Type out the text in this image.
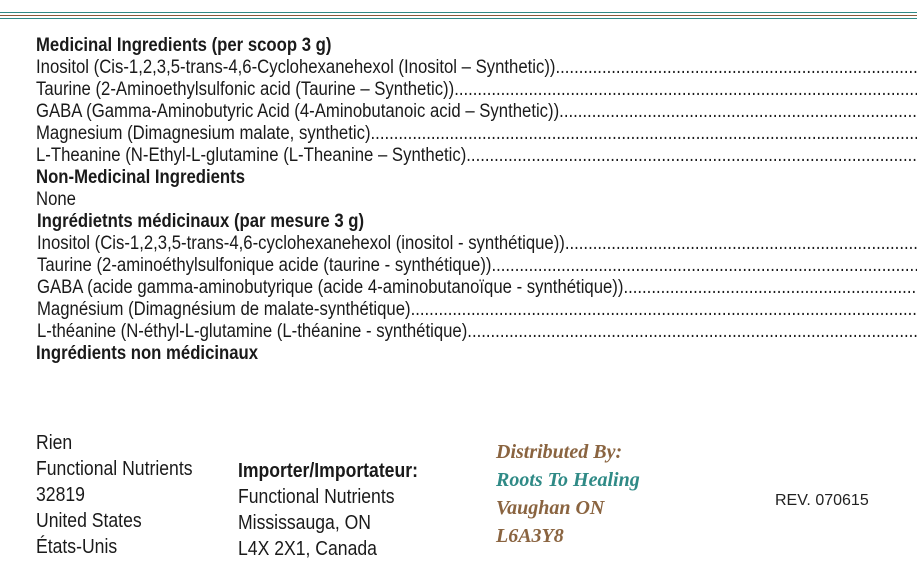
Medicinal Ingredients (per scoop 3 g)
Inositol (Cis-1,2,3,5-trans-4,6-Cyclohexanehexol (Inositol – Synthetic)) .....
Taurine (2-Aminoethylsulfonic acid (Taurine – Synthetic)) .....
GABA (Gamma-Aminobutyric Acid (4-Aminobutanoic acid – Synthetic)) .....
Magnesium (Dimagnesium malate, synthetic) .....
L-Theanine (N-Ethyl-L-glutamine (L-Theanine – Synthetic) .....
Non-Medicinal Ingredients
None
Ingrédietnts médicinaux (par mesure 3 g)
Inositol (Cis-1,2,3,5-trans-4,6-cyclohexanehexol (inositol - synthétique)) .....
Taurine (2-aminoéthylsulfonique acide (taurine - synthétique)) .....
GABA (acide gamma-aminobutyrique (acide 4-aminobutanoïque - synthétique)) .....
Magnésium (Dimagnésium de malate-synthétique) .....
L-théanine (N-éthyl-L-glutamine (L-théanine - synthétique) .....
Ingrédients non médicinaux
Rien
Functional Nutrients
32819
United States
États-Unis
Importer/Importateur:
Functional Nutrients
Mississauga, ON
L4X 2X1, Canada
Distributed By:
Roots To Healing
Vaughan ON
L6A3Y8
REV. 070615
